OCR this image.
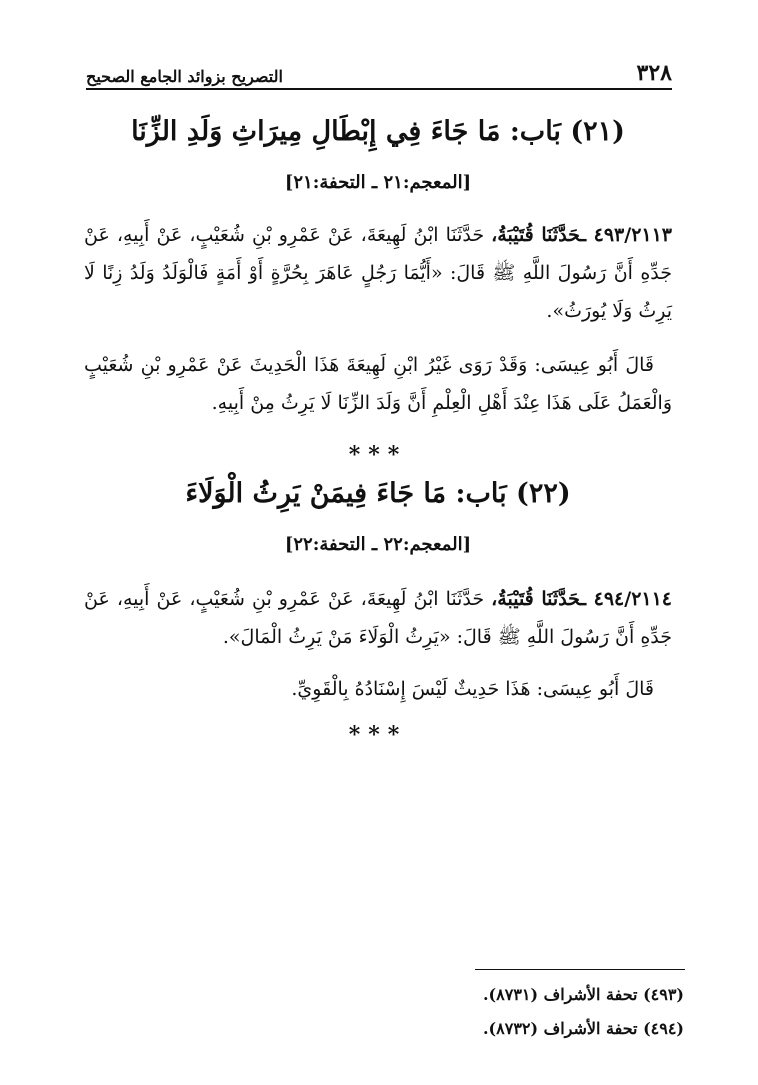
٣٢٨
التصريح بزوائد الجامع الصحيح
(٢١) بَاب: مَا جَاءَ فِي إِبْطَالِ مِيرَاثِ وَلَدِ الزِّنَا
[المعجم:٢١ ـ التحفة:٢١]
٤٩٣/٢١١٣ ـحَدَّثَنَا قُتَيْبَةُ، حَدَّثَنَا ابْنُ لَهِيعَةَ، عَنْ عَمْرِو بْنِ شُعَيْبٍ، عَنْ أَبِيهِ، عَنْ جَدِّهِ أَنَّ رَسُولَ اللَّهِ ﷺ قَالَ: «أَيُّمَا رَجُلٍ عَاهَرَ بِحُرَّةٍ أَوْ أَمَةٍ فَالْوَلَدُ وَلَدُ زِنًا لَا يَرِثُ وَلَا يُورَثُ».
قَالَ أَبُو عِيسَى: وَقَدْ رَوَى غَيْرُ ابْنِ لَهِيعَةَ هَذَا الْحَدِيثَ عَنْ عَمْرِو بْنِ شُعَيْبٍ وَالْعَمَلُ عَلَى هَذَا عِنْدَ أَهْلِ الْعِلْمِ أَنَّ وَلَدَ الزِّنَا لَا يَرِثُ مِنْ أَبِيهِ.
***
(٢٢) بَاب: مَا جَاءَ فِيمَنْ يَرِثُ الْوَلَاءَ
[المعجم:٢٢ ـ التحفة:٢٢]
٤٩٤/٢١١٤ ـحَدَّثَنَا قُتَيْبَةُ، حَدَّثَنَا ابْنُ لَهِيعَةَ، عَنْ عَمْرِو بْنِ شُعَيْبٍ، عَنْ أَبِيهِ، عَنْ جَدِّهِ أَنَّ رَسُولَ اللَّهِ ﷺ قَالَ: «يَرِثُ الْوَلَاءَ مَنْ يَرِثُ الْمَالَ».
قَالَ أَبُو عِيسَى: هَذَا حَدِيثٌ لَيْسَ إِسْنَادُهُ بِالْقَوِيِّ.
***
(٤٩٣) تحفة الأشراف (٨٧٣١).
(٤٩٤) تحفة الأشراف (٨٧٣٢).
